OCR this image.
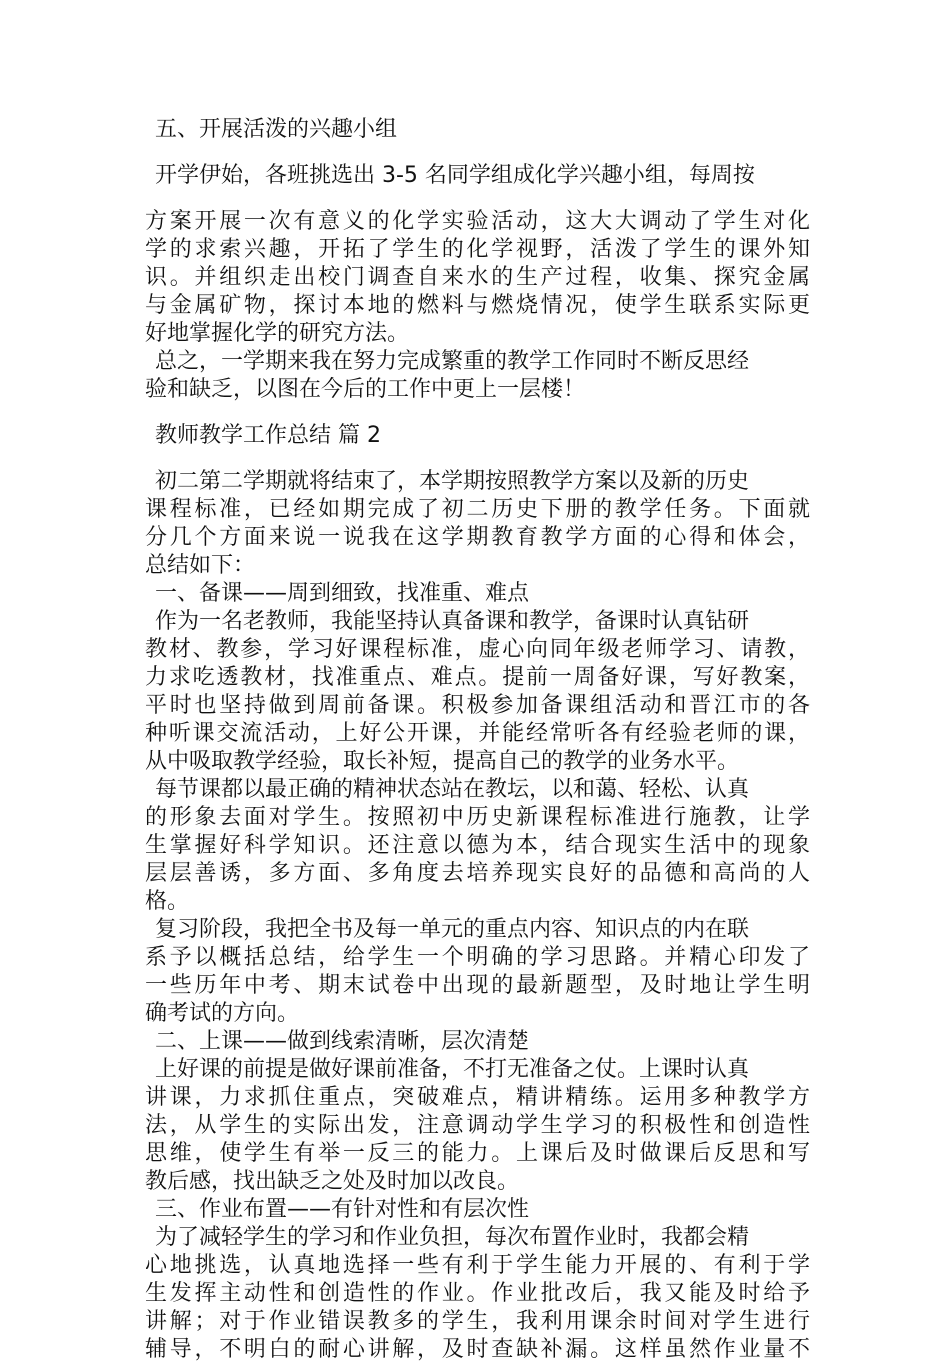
五、开展活泼的兴趣小组
开学伊始，各班挑选出 3-5 名同学组成化学兴趣小组，每周按
方案开展一次有意义的化学实验活动，这大大调动了学生对化
学的求索兴趣，开拓了学生的化学视野，活泼了学生的课外知
识。并组织走出校门调查自来水的生产过程，收集、探究金属
与金属矿物，探讨本地的燃料与燃烧情况，使学生联系实际更
好地掌握化学的研究方法。
总之，一学期来我在努力完成繁重的教学工作同时不断反思经
验和缺乏，以图在今后的工作中更上一层楼！
教师教学工作总结 篇 2
初二第二学期就将结束了，本学期按照教学方案以及新的历史
课程标准，已经如期完成了初二历史下册的教学任务。下面就
分几个方面来说一说我在这学期教育教学方面的心得和体会，
总结如下：
一、备课——周到细致，找准重、难点
作为一名老教师，我能坚持认真备课和教学，备课时认真钻研
教材、教参，学习好课程标准，虚心向同年级老师学习、请教，
力求吃透教材，找准重点、难点。提前一周备好课，写好教案，
平时也坚持做到周前备课。积极参加备课组活动和晋江市的各
种听课交流活动，上好公开课，并能经常听各有经验老师的课，
从中吸取教学经验，取长补短，提高自己的教学的业务水平。
每节课都以最正确的精神状态站在教坛，以和蔼、轻松、认真
的形象去面对学生。按照初中历史新课程标准进行施教，让学
生掌握好科学知识。还注意以德为本，结合现实生活中的现象
层层善诱，多方面、多角度去培养现实良好的品德和高尚的人
格。
复习阶段，我把全书及每一单元的重点内容、知识点的内在联
系予以概括总结，给学生一个明确的学习思路。并精心印发了
一些历年中考、期末试卷中出现的最新题型，及时地让学生明
确考试的方向。
二、上课——做到线索清晰，层次清楚
上好课的前提是做好课前准备，不打无准备之仗。上课时认真
讲课，力求抓住重点，突破难点，精讲精练。运用多种教学方
法，从学生的实际出发，注意调动学生学习的积极性和创造性
思维，使学生有举一反三的能力。上课后及时做课后反思和写
教后感，找出缺乏之处及时加以改良。
三、作业布置——有针对性和有层次性
为了减轻学生的学习和作业负担，每次布置作业时，我都会精
心地挑选，认真地选择一些有利于学生能力开展的、有利于学
生发挥主动性和创造性的作业。作业批改后，我又能及时给予
讲解；对于作业错误教多的学生，我利用课余时间对学生进行
辅导，不明白的耐心讲解，及时查缺补漏。这样虽然作业量不
